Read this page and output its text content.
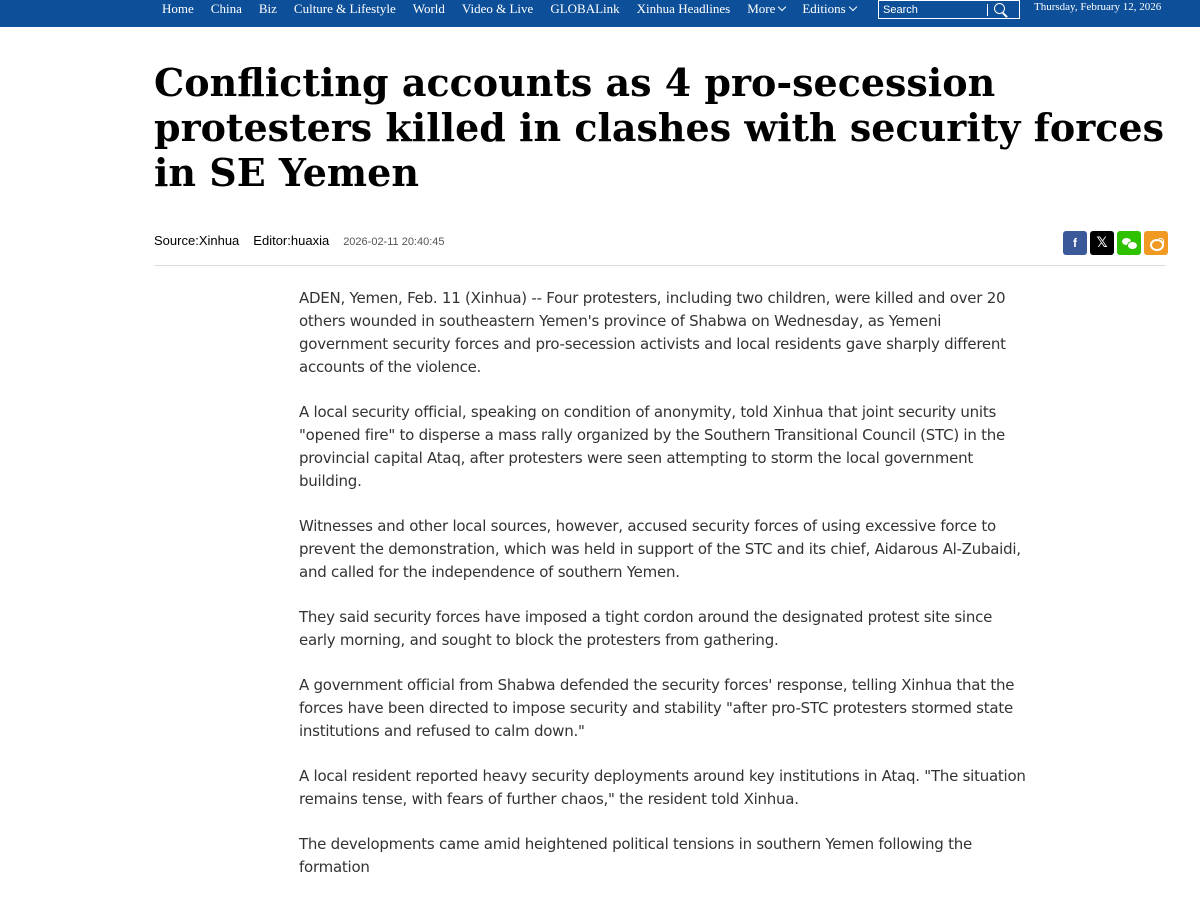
Home China Biz Culture & Lifestyle World Video & Live GLOBALink Xinhua Headlines More Editions
Search	Thursday, February 12, 2026
Conflicting accounts as 4 pro-secession protesters killed in clashes with security forces in SE Yemen
Source: Xinhua Editor: huaxia 2026-02-11 20:40:45	f 𝕏

ADEN, Yemen, Feb. 11 (Xinhua) -- Four protesters, including two children, were killed and over 20 others wounded in southeastern Yemen's province of Shabwa on Wednesday, as Yemeni government security forces and pro-secession activists and local residents gave sharply different accounts of the violence.

A local security official, speaking on condition of anonymity, told Xinhua that joint security units "opened fire" to disperse a mass rally organized by the Southern Transitional Council (STC) in the provincial capital Ataq, after protesters were seen attempting to storm the local government building.

Witnesses and other local sources, however, accused security forces of using excessive force to prevent the demonstration, which was held in support of the STC and its chief, Aidarous Al-Zubaidi, and called for the independence of southern Yemen.

They said security forces have imposed a tight cordon around the designated protest site since early morning, and sought to block the protesters from gathering.

A government official from Shabwa defended the security forces' response, telling Xinhua that the forces have been directed to impose security and stability "after pro-STC protesters stormed state institutions and refused to calm down."

A local resident reported heavy security deployments around key institutions in Ataq. "The situation remains tense, with fears of further chaos," the resident told Xinhua.

The developments came amid heightened political tensions in southern Yemen following the formation
